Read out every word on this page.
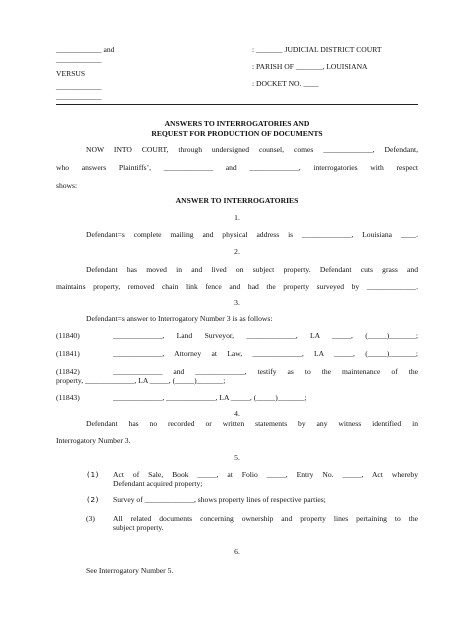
____________ and
____________
VERSUS
____________
____________
: _______ JUDICIAL DISTRICT COURT
: PARISH OF _______, LOUISIANA
: DOCKET NO. ____
ANSWERS TO INTERROGATORIES AND
REQUEST FOR PRODUCTION OF DOCUMENTS
NOW INTO COURT, through undersigned counsel, comes _____________, Defendant,
who answers Plaintiffs’, _____________ and _____________, interrogatories with respect
shows:
ANSWER TO INTERROGATORIES
1.
Defendant=s complete mailing and physical address is _____________, Louisiana ____.
2.
Defendant has moved in and lived on subject property. Defendant cuts grass and
maintains property, removed chain link fence and had the property surveyed by _____________.
3.
Defendant=s answer to Interrogatory Number 3 is as follows:
(11840)	_____________, Land Surveyor, _____________, LA _____, (_____)_______;
(11841)	_____________, Attorney at Law, _____________, LA _____, (_____)_______;
(11842)	_____________ and _____________, testify as to the maintenance of the
property, _____________, LA _____, (_____)_______;
(11843)	_____________, _____________, LA _____, (_____)_______;
4.
Defendant has no recorded or written statements by any witness identified in
Interrogatory Number 3.
5.
(1) Act of Sale, Book _____, at Folio _____, Entry No. _____, Act whereby
Defendant acquired property;
(2) Survey of _____________, shows property lines of respective parties;
(3) All related documents concerning ownership and property lines pertaining to the
subject property.
6.
See Interrogatory Number 5.
